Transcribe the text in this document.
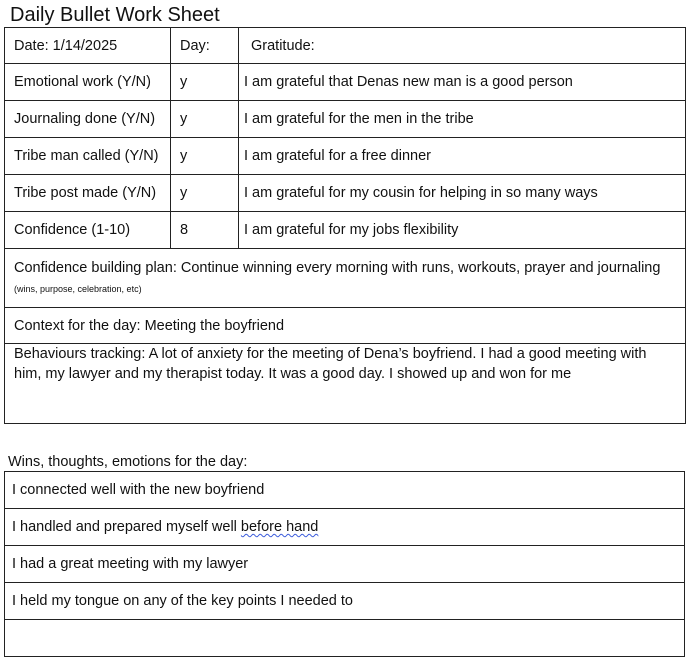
Daily Bullet Work Sheet
Date: 1/14/2025	Day:	Gratitude:
Emotional work (Y/N)	y	I am grateful that Denas new man is a good person
Journaling done (Y/N)	y	I am grateful for the men in the tribe
Tribe man called (Y/N)	y	I am grateful for a free dinner
Tribe post made (Y/N)	y	I am grateful for my cousin for helping in so many ways
Confidence (1-10)	8	I am grateful for my jobs flexibility
Confidence building plan: Continue winning every morning with runs, workouts, prayer and journaling (wins, purpose, celebration, etc)		
Context for the day: Meeting the boyfriend		
Behaviours tracking: A lot of anxiety for the meeting of Dena’s boyfriend. I had a good meeting with him, my lawyer and my therapist today. It was a good day. I showed up and won for me		
Wins, thoughts, emotions for the day:
I connected well with the new boyfriend
I handled and prepared myself well before hand
I had a great meeting with my lawyer
I held my tongue on any of the key points I needed to
